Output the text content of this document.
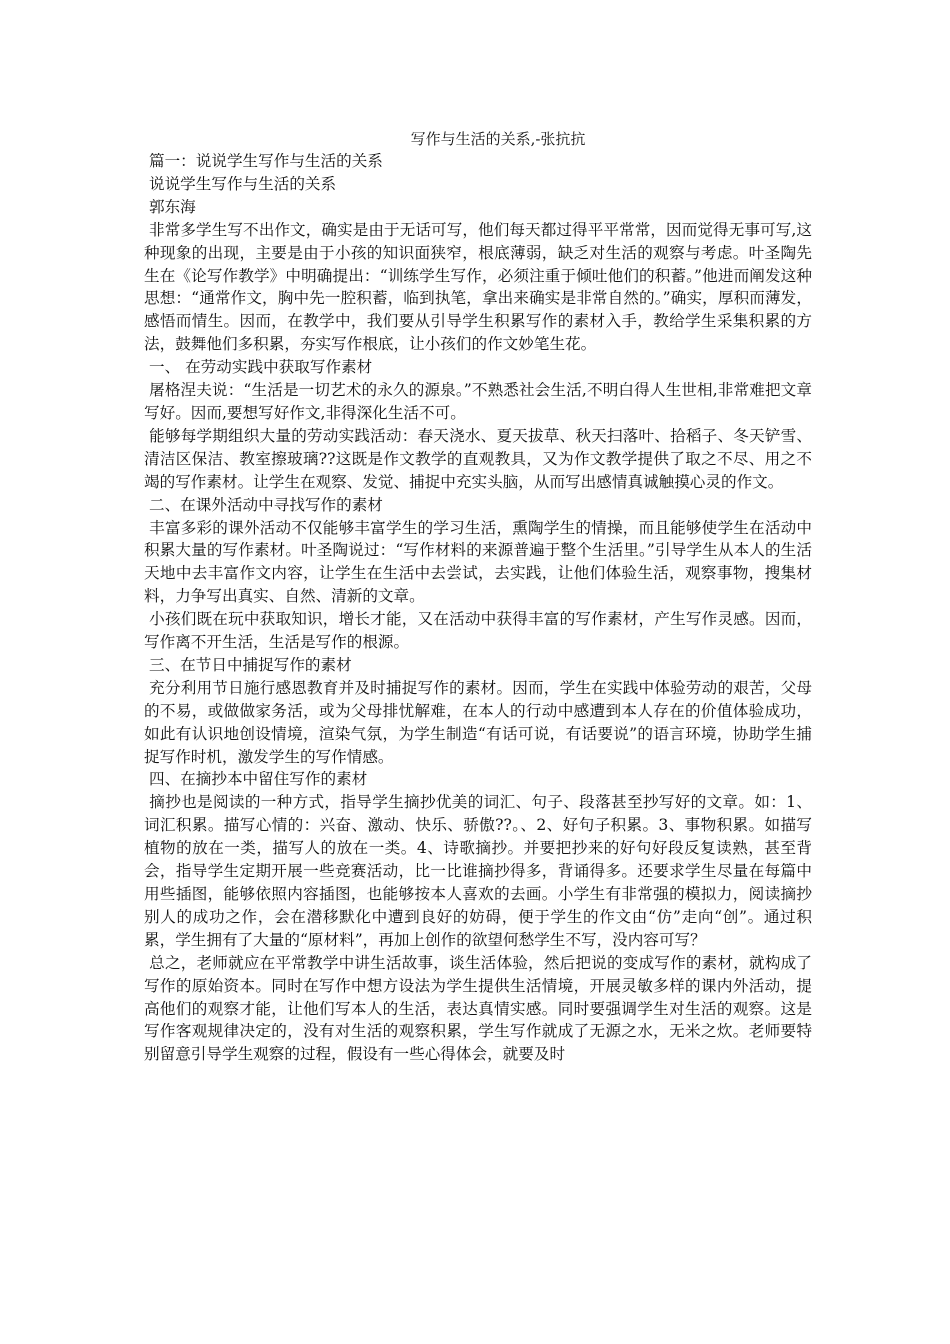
写作与生活的关系,-张抗抗

篇一：说说学生写作与生活的关系

说说学生写作与生活的关系

郭东海

非常多学生写不出作文，确实是由于无话可写，他们每天都过得平平常常，因而觉得无事可写,这种现象的出现，主要是由于小孩的知识面狭窄，根底薄弱，缺乏对生活的观察与考虑。叶圣陶先生在《论写作教学》中明确提出：“训练学生写作，必须注重于倾吐他们的积蓄。”他进而阐发这种思想：“通常作文，胸中先一腔积蓄，临到执笔，拿出来确实是非常自然的。”确实，厚积而薄发，感悟而情生。因而，在教学中，我们要从引导学生积累写作的素材入手，教给学生采集积累的方法，鼓舞他们多积累，夯实写作根底，让小孩们的作文妙笔生花。

一、 在劳动实践中获取写作素材

屠格涅夫说：“生活是一切艺术的永久的源泉。”不熟悉社会生活,不明白得人生世相,非常难把文章写好。因而,要想写好作文,非得深化生活不可。

能够每学期组织大量的劳动实践活动：春天浇水、夏天拔草、秋天扫落叶、拾稻子、冬天铲雪、清洁区保洁、教室擦玻璃??这既是作文教学的直观教具，又为作文教学提供了取之不尽、用之不竭的写作素材。让学生在观察、发觉、捕捉中充实头脑，从而写出感情真诚触摸心灵的作文。

二、在课外活动中寻找写作的素材

丰富多彩的课外活动不仅能够丰富学生的学习生活，熏陶学生的情操，而且能够使学生在活动中积累大量的写作素材。叶圣陶说过：“写作材料的来源普遍于整个生活里。”引导学生从本人的生活天地中去丰富作文内容，让学生在生活中去尝试，去实践，让他们体验生活，观察事物，搜集材料，力争写出真实、自然、清新的文章。

小孩们既在玩中获取知识，增长才能，又在活动中获得丰富的写作素材，产生写作灵感。因而，写作离不开生活，生活是写作的根源。

三、在节日中捕捉写作的素材

充分利用节日施行感恩教育并及时捕捉写作的素材。因而，学生在实践中体验劳动的艰苦，父母的不易，或做做家务活，或为父母排忧解难，在本人的行动中感遭到本人存在的价值体验成功，如此有认识地创设情境，渲染气氛，为学生制造“有话可说，有话要说”的语言环境，协助学生捕捉写作时机，激发学生的写作情感。

四、在摘抄本中留住写作的素材

摘抄也是阅读的一种方式，指导学生摘抄优美的词汇、句子、段落甚至抄写好的文章。如：1、词汇积累。描写心情的：兴奋、激动、快乐、骄傲??。、2、好句子积累。3、事物积累。如描写植物的放在一类，描写人的放在一类。4、诗歌摘抄。并要把抄来的好句好段反复读熟，甚至背会，指导学生定期开展一些竞赛活动，比一比谁摘抄得多，背诵得多。还要求学生尽量在每篇中用些插图，能够依照内容插图，也能够按本人喜欢的去画。小学生有非常强的模拟力，阅读摘抄别人的成功之作，会在潜移默化中遭到良好的妨碍，便于学生的作文由“仿”走向“创”。通过积累，学生拥有了大量的“原材料”，再加上创作的欲望何愁学生不写，没内容可写？

总之，老师就应在平常教学中讲生活故事，谈生活体验，然后把说的变成写作的素材，就构成了写作的原始资本。同时在写作中想方设法为学生提供生活情境，开展灵敏多样的课内外活动，提高他们的观察才能，让他们写本人的生活，表达真情实感。同时要强调学生对生活的观察。这是写作客观规律决定的，没有对生活的观察积累，学生写作就成了无源之水，无米之炊。老师要特别留意引导学生观察的过程，假设有一些心得体会，就要及时
